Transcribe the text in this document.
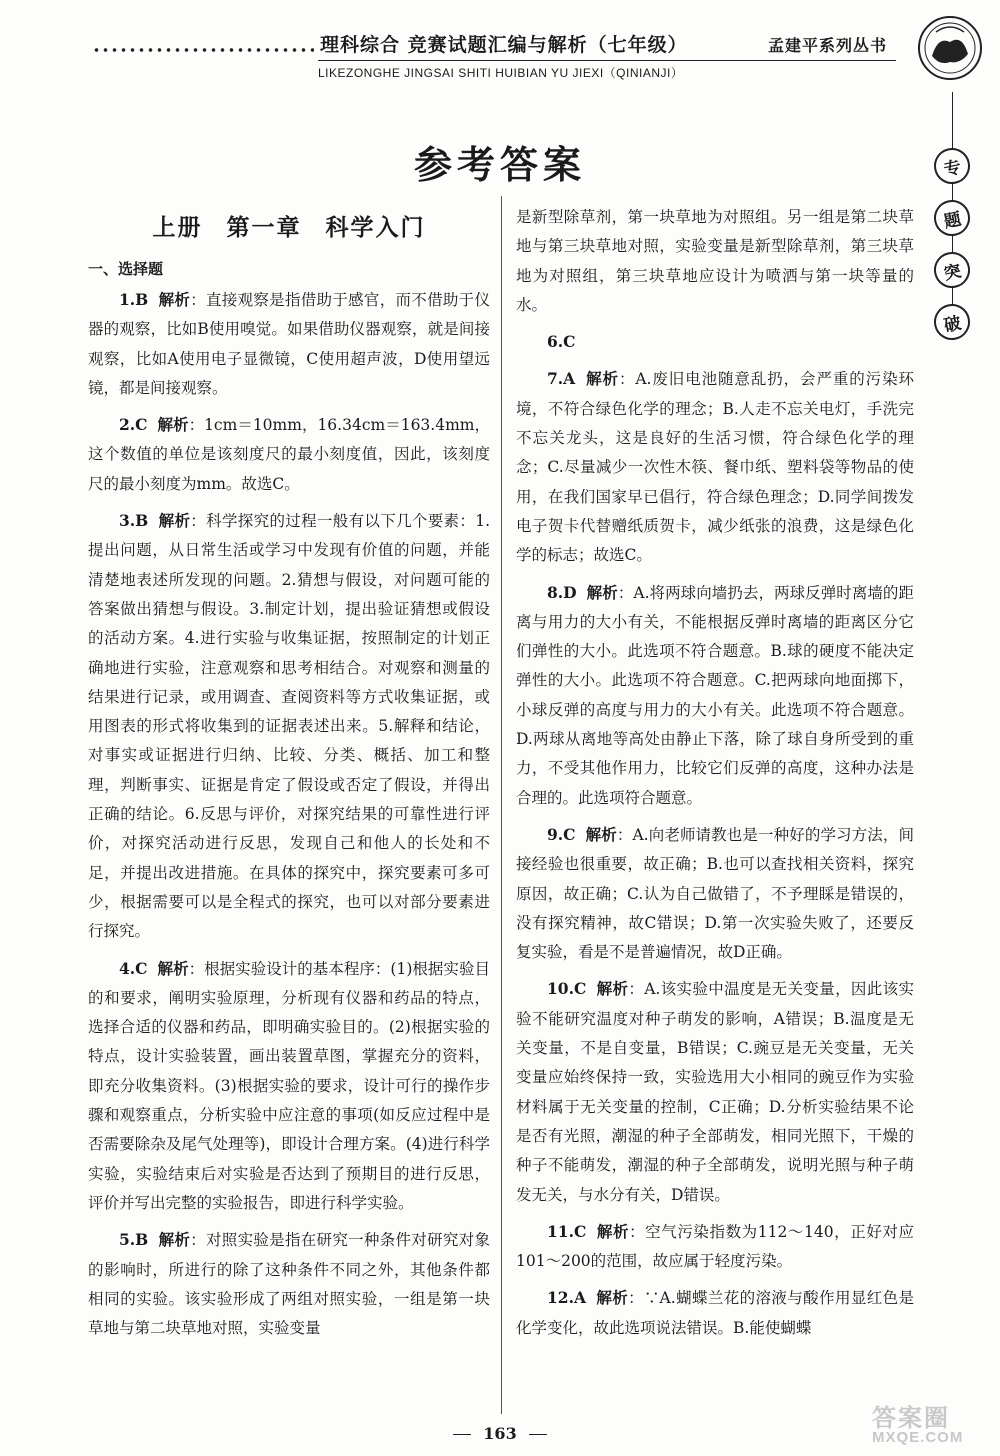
理科综合 竞赛试题汇编与解析（七年级）	孟建平系列丛书
LIKEZONGHE JINGSAI SHITI HUIBIAN YU JIEXI（QINIANJI）
专
题
突
破
参考答案
上册 第一章 科学入门
一、选择题

1.B 解析：直接观察是指借助于感官，而不借助于仪器的观察，比如B使用嗅觉。如果借助仪器观察，就是间接观察，比如A使用电子显微镜，C使用超声波，D使用望远镜，都是间接观察。

2.C 解析：1cm＝10mm，16.34cm＝163.4mm，这个数值的单位是该刻度尺的最小刻度值，因此，该刻度尺的最小刻度为mm。故选C。

3.B 解析：科学探究的过程一般有以下几个要素：1.提出问题，从日常生活或学习中发现有价值的问题，并能清楚地表述所发现的问题。2.猜想与假设，对问题可能的答案做出猜想与假设。3.制定计划，提出验证猜想或假设的活动方案。4.进行实验与收集证据，按照制定的计划正确地进行实验，注意观察和思考相结合。对观察和测量的结果进行记录，或用调查、查阅资料等方式收集证据，或用图表的形式将收集到的证据表述出来。5.解释和结论，对事实或证据进行归纳、比较、分类、概括、加工和整理，判断事实、证据是肯定了假设或否定了假设，并得出正确的结论。6.反思与评价，对探究结果的可靠性进行评价，对探究活动进行反思，发现自己和他人的长处和不足，并提出改进措施。在具体的探究中，探究要素可多可少，根据需要可以是全程式的探究，也可以对部分要素进行探究。

4.C 解析：根据实验设计的基本程序：(1)根据实验目的和要求，阐明实验原理，分析现有仪器和药品的特点，选择合适的仪器和药品，即明确实验目的。(2)根据实验的特点，设计实验装置，画出装置草图，掌握充分的资料，即充分收集资料。(3)根据实验的要求，设计可行的操作步骤和观察重点，分析实验中应注意的事项(如反应过程中是否需要除杂及尾气处理等)，即设计合理方案。(4)进行科学实验，实验结束后对实验是否达到了预期目的进行反思，评价并写出完整的实验报告，即进行科学实验。

5.B 解析：对照实验是指在研究一种条件对研究对象的影响时，所进行的除了这种条件不同之外，其他条件都相同的实验。该实验形成了两组对照实验，一组是第一块草地与第二块草地对照，实验变量

是新型除草剂，第一块草地为对照组。另一组是第二块草地与第三块草地对照，实验变量是新型除草剂，第三块草地为对照组，第三块草地应设计为喷洒与第一块等量的水。

6.C

7.A 解析：A.废旧电池随意乱扔，会严重的污染环境，不符合绿色化学的理念；B.人走不忘关电灯，手洗完不忘关龙头，这是良好的生活习惯，符合绿色化学的理念；C.尽量减少一次性木筷、餐巾纸、塑料袋等物品的使用，在我们国家早已倡行，符合绿色理念；D.同学间拨发电子贺卡代替赠纸质贺卡，减少纸张的浪费，这是绿色化学的标志；故选C。

8.D 解析：A.将两球向墙扔去，两球反弹时离墙的距离与用力的大小有关，不能根据反弹时离墙的距离区分它们弹性的大小。此选项不符合题意。B.球的硬度不能决定弹性的大小。此选项不符合题意。C.把两球向地面掷下，小球反弹的高度与用力的大小有关。此选项不符合题意。D.两球从离地等高处由静止下落，除了球自身所受到的重力，不受其他作用力，比较它们反弹的高度，这种办法是合理的。此选项符合题意。

9.C 解析：A.向老师请教也是一种好的学习方法，间接经验也很重要，故正确；B.也可以查找相关资料，探究原因，故正确；C.认为自己做错了，不予理睬是错误的，没有探究精神，故C错误；D.第一次实验失败了，还要反复实验，看是不是普遍情况，故D正确。

10.C 解析：A.该实验中温度是无关变量，因此该实验不能研究温度对种子萌发的影响，A错误；B.温度是无关变量，不是自变量，B错误；C.豌豆是无关变量，无关变量应始终保持一致，实验选用大小相同的豌豆作为实验材料属于无关变量的控制，C正确；D.分析实验结果不论是否有光照，潮湿的种子全部萌发，相同光照下，干燥的种子不能萌发，潮湿的种子全部萌发，说明光照与种子萌发无关，与水分有关，D错误。

11.C 解析：空气污染指数为112～140，正好对应101～200的范围，故应属于轻度污染。

12.A 解析：∵A.蝴蝶兰花的溶液与酸作用显红色是化学变化，故此选项说法错误。B.能使蝴蝶

163
答案圈
MXQE.COM
